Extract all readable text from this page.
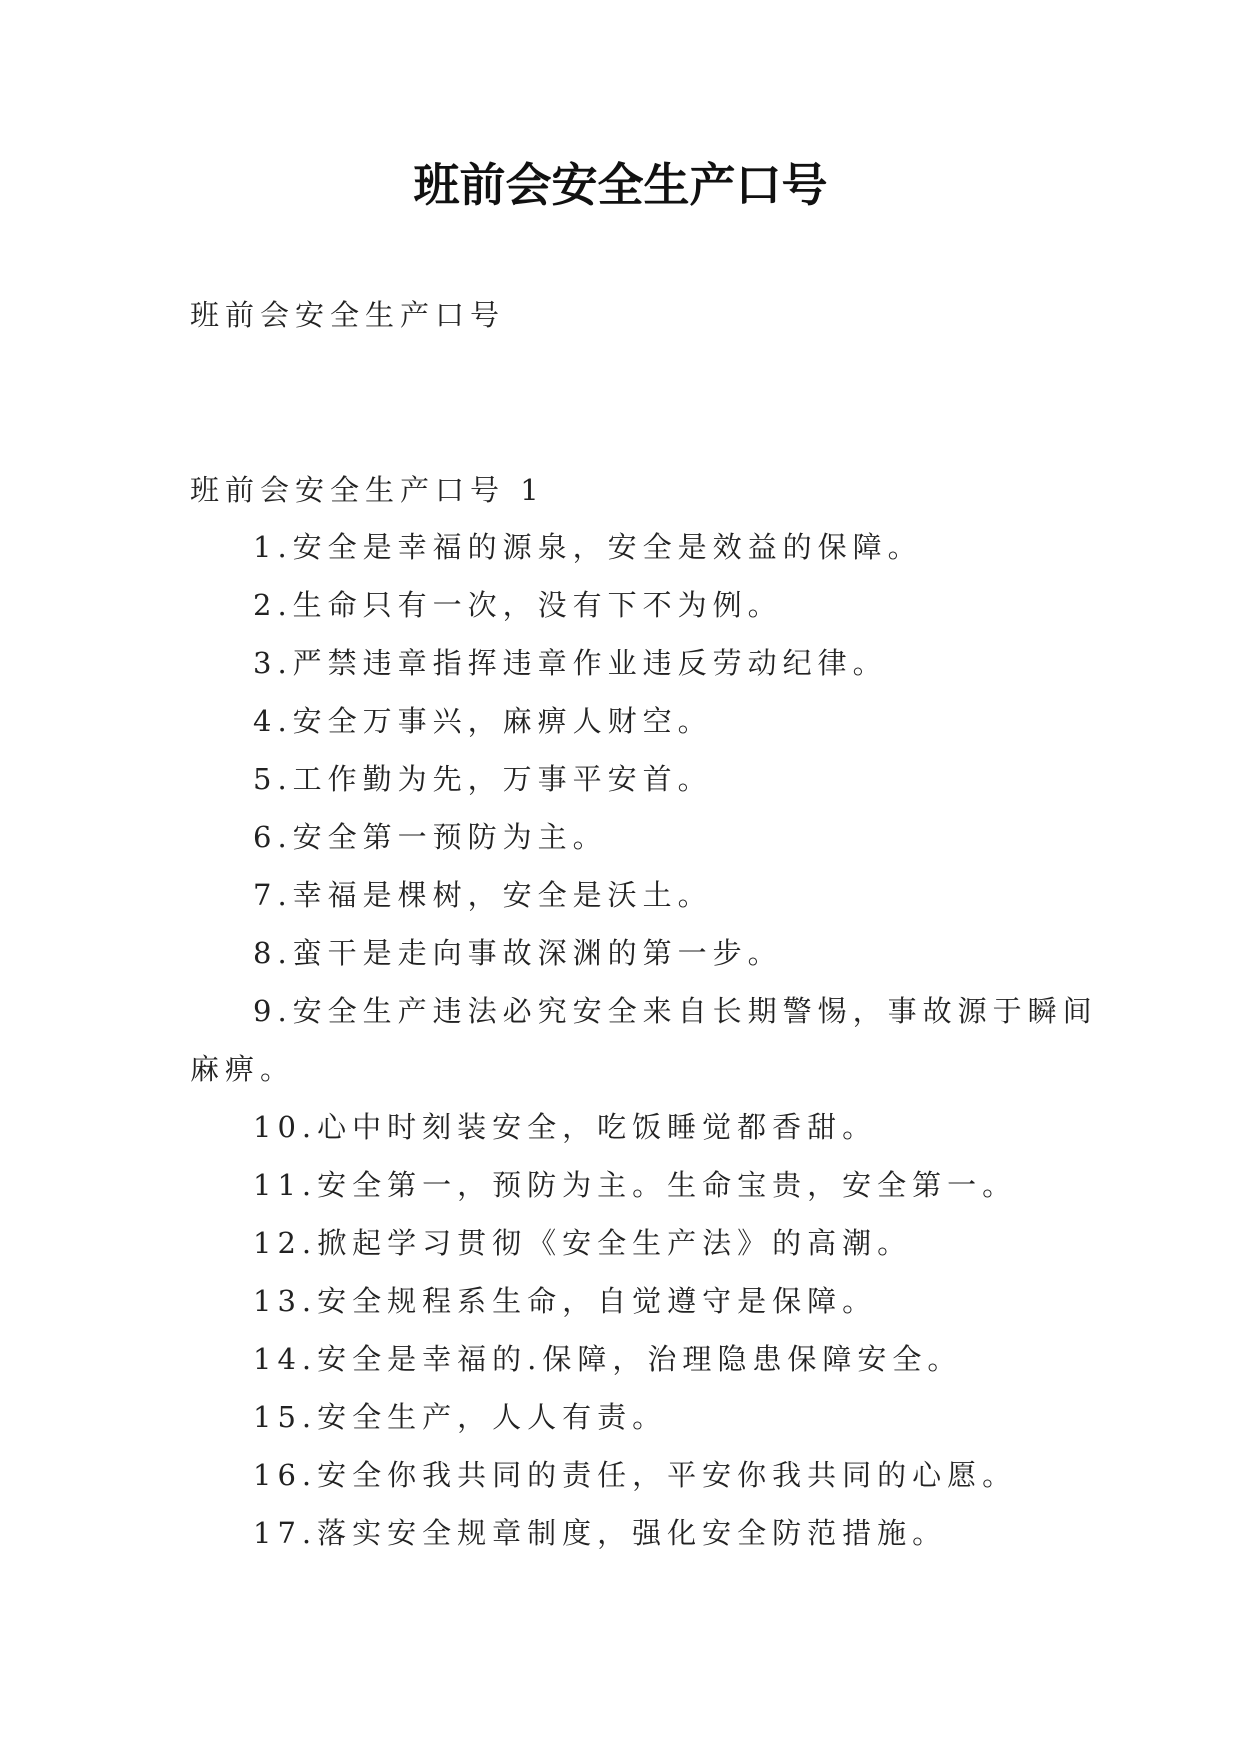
班前会安全生产口号
班前会安全生产口号
班前会安全生产口号 1
1.安全是幸福的源泉，安全是效益的保障。
2.生命只有一次，没有下不为例。
3.严禁违章指挥违章作业违反劳动纪律。
4.安全万事兴，麻痹人财空。
5.工作勤为先，万事平安首。
6.安全第一预防为主。
7.幸福是棵树，安全是沃土。
8.蛮干是走向事故深渊的第一步。
9.安全生产违法必究安全来自长期警惕，事故源于瞬间
麻痹。
10.心中时刻装安全，吃饭睡觉都香甜。
11.安全第一，预防为主。生命宝贵，安全第一。
12.掀起学习贯彻《安全生产法》的高潮。
13.安全规程系生命，自觉遵守是保障。
14.安全是幸福的.保障，治理隐患保障安全。
15.安全生产，人人有责。
16.安全你我共同的责任，平安你我共同的心愿。
17.落实安全规章制度，强化安全防范措施。
